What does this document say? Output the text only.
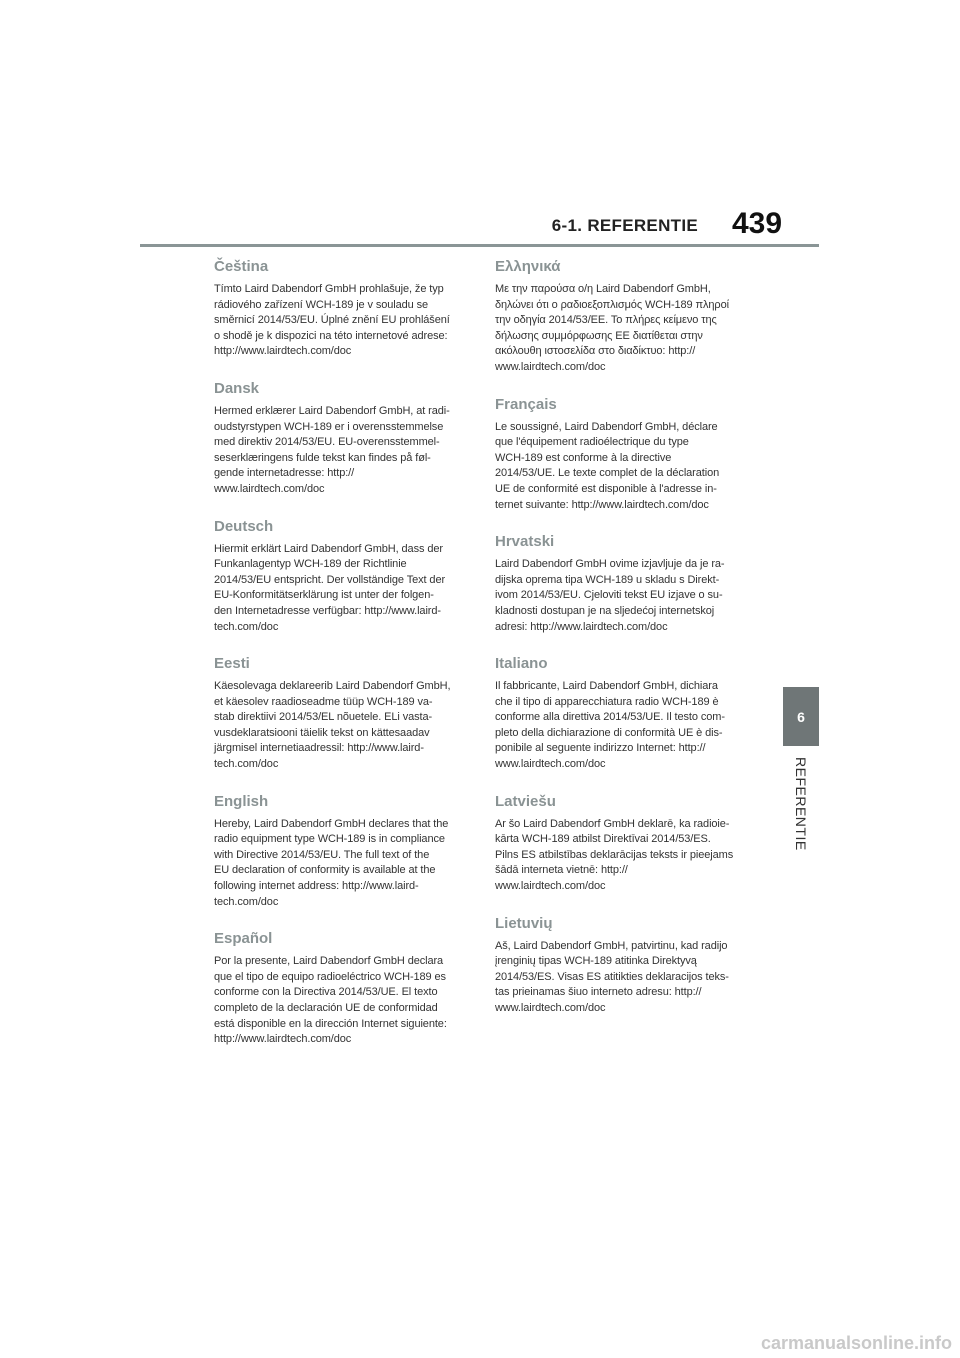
6-1. REFERENTIE 439
Čeština

Tímto Laird Dabendorf GmbH prohlašuje, že typ
rádiového zařízení WCH-189 je v souladu se
směrnicí 2014/53/EU. Úplné znění EU prohlášení
o shodě je k dispozici na této internetové adrese:
http://www.lairdtech.com/doc

Dansk

Hermed erklærer Laird Dabendorf GmbH, at radi-
oudstyrstypen WCH-189 er i overensstemmelse
med direktiv 2014/53/EU. EU-overensstemmel-
seserklæringens fulde tekst kan findes på føl-
gende internetadresse: http://
www.lairdtech.com/doc

Deutsch

Hiermit erklärt Laird Dabendorf GmbH, dass der
Funkanlagentyp WCH-189 der Richtlinie
2014/53/EU entspricht. Der vollständige Text der
EU-Konformitätserklärung ist unter der folgen-
den Internetadresse verfügbar: http://www.laird-
tech.com/doc

Eesti

Käesolevaga deklareerib Laird Dabendorf GmbH,
et käesolev raadioseadme tüüp WCH-189 va-
stab direktiivi 2014/53/EL nõuetele. ELi vasta-
vusdeklaratsiooni täielik tekst on kättesaadav
järgmisel internetiaadressil: http://www.laird-
tech.com/doc

English

Hereby, Laird Dabendorf GmbH declares that the
radio equipment type WCH-189 is in compliance
with Directive 2014/53/EU. The full text of the
EU declaration of conformity is available at the
following internet address: http://www.laird-
tech.com/doc

Español

Por la presente, Laird Dabendorf GmbH declara
que el tipo de equipo radioeléctrico WCH-189 es
conforme con la Directiva 2014/53/UE. El texto
completo de la declaración UE de conformidad
está disponible en la dirección Internet siguiente:
http://www.lairdtech.com/doc

Ελληνικά

Με την παρούσα ο/η Laird Dabendorf GmbH,
δηλώνει ότι ο ραδιοεξοπλισμός WCH-189 πληροί
την οδηγία 2014/53/ΕΕ. Το πλήρες κείμενο της
δήλωσης συμμόρφωσης ΕΕ διατίθεται στην
ακόλουθη ιστοσελίδα στο διαδίκτυο: http://
www.lairdtech.com/doc

Français

Le soussigné, Laird Dabendorf GmbH, déclare
que l'équipement radioélectrique du type
WCH-189 est conforme à la directive
2014/53/UE. Le texte complet de la déclaration
UE de conformité est disponible à l'adresse in-
ternet suivante: http://www.lairdtech.com/doc

Hrvatski

Laird Dabendorf GmbH ovime izjavljuje da je ra-
dijska oprema tipa WCH-189 u skladu s Direkt-
ivom 2014/53/EU. Cjeloviti tekst EU izjave o su-
kladnosti dostupan je na sljedećoj internetskoj
adresi: http://www.lairdtech.com/doc

Italiano

Il fabbricante, Laird Dabendorf GmbH, dichiara
che il tipo di apparecchiatura radio WCH-189 è
conforme alla direttiva 2014/53/UE. Il testo com-
pleto della dichiarazione di conformità UE è dis-
ponibile al seguente indirizzo Internet: http://
www.lairdtech.com/doc

Latviešu

Ar šo Laird Dabendorf GmbH deklarē, ka radioie-
kārta WCH-189 atbilst Direktīvai 2014/53/ES.
Pilns ES atbilstības deklarācijas teksts ir pieejams
šādā interneta vietnē: http://
www.lairdtech.com/doc

Lietuvių

Aš, Laird Dabendorf GmbH, patvirtinu, kad radijo
įrenginių tipas WCH-189 atitinka Direktyvą
2014/53/ES. Visas ES atitikties deklaracijos teks-
tas prieinamas šiuo interneto adresu: http://
www.lairdtech.com/doc

6
REFERENTIE
carmanualsonline.info
